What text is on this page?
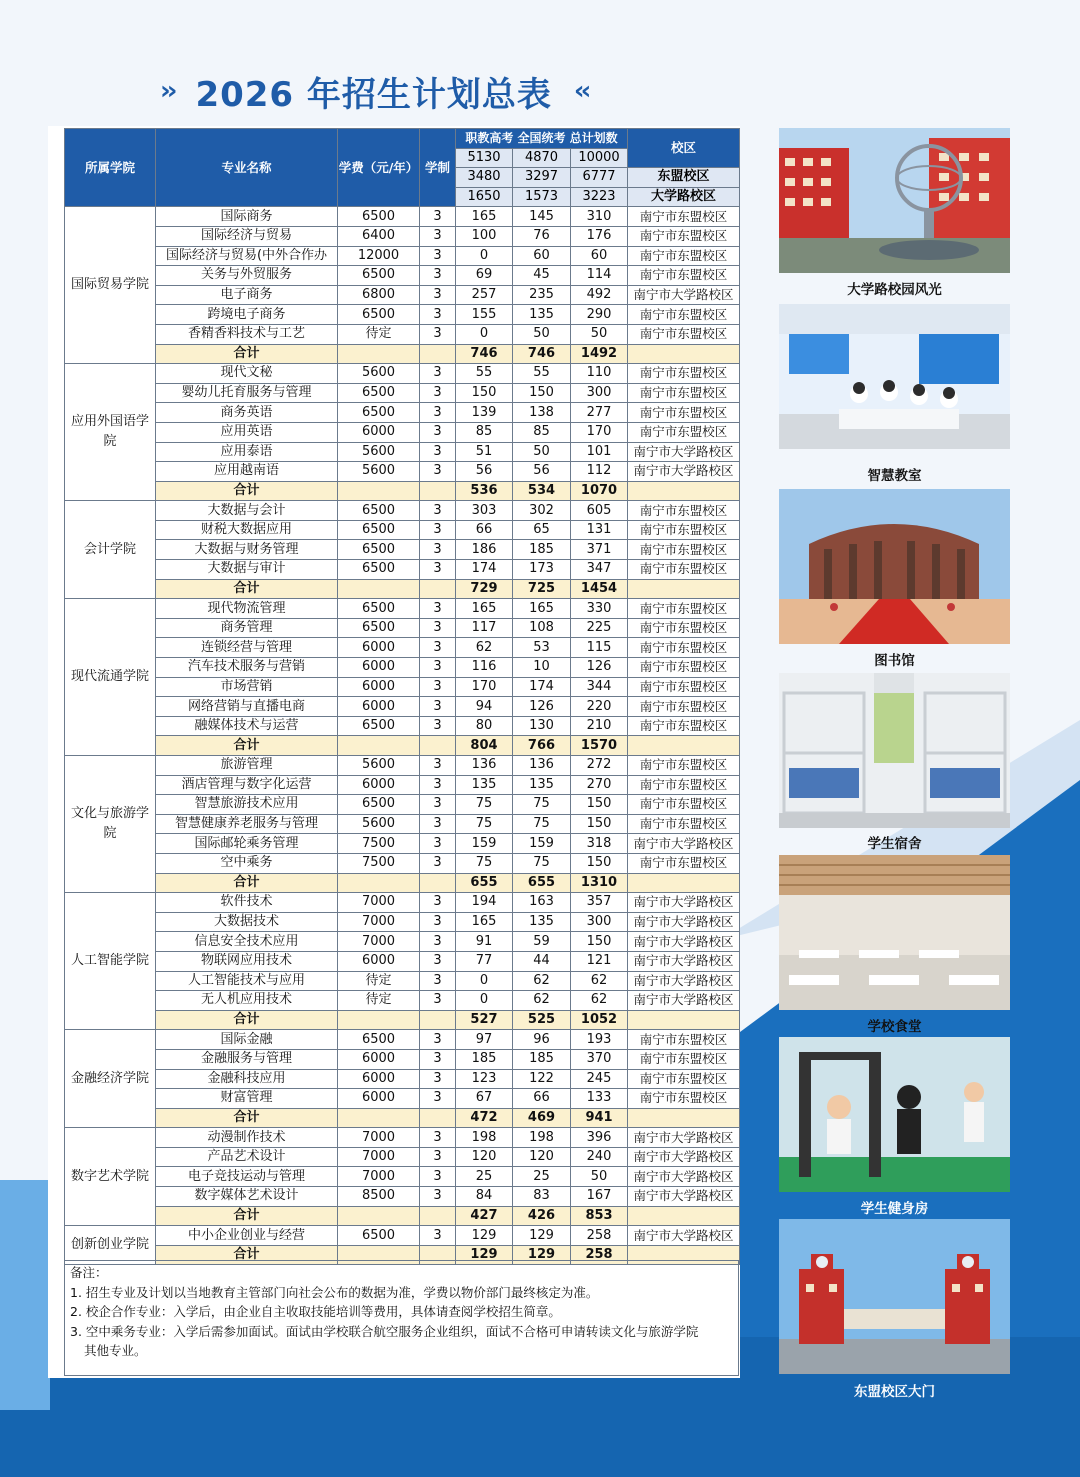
›› 2026 年招生计划总表 ‹‹
所属学院	专业名称	学费（元/年）	学制	职教高考 全国统考 总计划数			校区
				5130	4870	10000	
				3480	3297	6777	东盟校区
				1650	1573	3223	大学路校区
国际贸易学院	国际商务	6500	3	165	145	310	南宁市东盟校区
	国际经济与贸易	6400	3	100	76	176	南宁市东盟校区
	国际经济与贸易(中外合作办	12000	3	0	60	60	南宁市东盟校区
	关务与外贸服务	6500	3	69	45	114	南宁市东盟校区
	电子商务	6800	3	257	235	492	南宁市大学路校区
	跨境电子商务	6500	3	155	135	290	南宁市东盟校区
	香精香料技术与工艺	待定	3	0	50	50	南宁市东盟校区
	合计			746	746	1492	
应用外国语学院	现代文秘	5600	3	55	55	110	南宁市东盟校区
	婴幼儿托育服务与管理	6500	3	150	150	300	南宁市东盟校区
	商务英语	6500	3	139	138	277	南宁市东盟校区
	应用英语	6000	3	85	85	170	南宁市东盟校区
	应用泰语	5600	3	51	50	101	南宁市大学路校区
	应用越南语	5600	3	56	56	112	南宁市大学路校区
	合计			536	534	1070	
会计学院	大数据与会计	6500	3	303	302	605	南宁市东盟校区
	财税大数据应用	6500	3	66	65	131	南宁市东盟校区
	大数据与财务管理	6500	3	186	185	371	南宁市东盟校区
	大数据与审计	6500	3	174	173	347	南宁市东盟校区
	合计			729	725	1454	
现代流通学院	现代物流管理	6500	3	165	165	330	南宁市东盟校区
	商务管理	6500	3	117	108	225	南宁市东盟校区
	连锁经营与管理	6000	3	62	53	115	南宁市东盟校区
	汽车技术服务与营销	6000	3	116	10	126	南宁市东盟校区
	市场营销	6000	3	170	174	344	南宁市东盟校区
	网络营销与直播电商	6000	3	94	126	220	南宁市东盟校区
	融媒体技术与运营	6500	3	80	130	210	南宁市东盟校区
	合计			804	766	1570	
文化与旅游学院	旅游管理	5600	3	136	136	272	南宁市东盟校区
	酒店管理与数字化运营	6000	3	135	135	270	南宁市东盟校区
	智慧旅游技术应用	6500	3	75	75	150	南宁市东盟校区
	智慧健康养老服务与管理	5600	3	75	75	150	南宁市东盟校区
	国际邮轮乘务管理	7500	3	159	159	318	南宁市大学路校区
	空中乘务	7500	3	75	75	150	南宁市东盟校区
	合计			655	655	1310	
人工智能学院	软件技术	7000	3	194	163	357	南宁市大学路校区
	大数据技术	7000	3	165	135	300	南宁市大学路校区
	信息安全技术应用	7000	3	91	59	150	南宁市大学路校区
	物联网应用技术	6000	3	77	44	121	南宁市大学路校区
	人工智能技术与应用	待定	3	0	62	62	南宁市大学路校区
	无人机应用技术	待定	3	0	62	62	南宁市大学路校区
	合计			527	525	1052	
金融经济学院	国际金融	6500	3	97	96	193	南宁市东盟校区
	金融服务与管理	6000	3	185	185	370	南宁市东盟校区
	金融科技应用	6000	3	123	122	245	南宁市东盟校区
	财富管理	6000	3	67	66	133	南宁市东盟校区
	合计			472	469	941	
数字艺术学院	动漫制作技术	7000	3	198	198	396	南宁市大学路校区
	产品艺术设计	7000	3	120	120	240	南宁市大学路校区
	电子竞技运动与管理	7000	3	25	25	50	南宁市大学路校区
	数字媒体艺术设计	8500	3	84	83	167	南宁市大学路校区
	合计			427	426	853	
创新创业学院	中小企业创业与经营	6500	3	129	129	258	南宁市大学路校区
	合计			129	129	258	
备注：
1. 招生专业及计划以当地教育主管部门向社会公布的数据为准，学费以物价部门最终核定为准。
2. 校企合作专业：入学后，由企业自主收取技能培训等费用，具体请查阅学校招生简章。
3. 空中乘务专业：入学后需参加面试。面试由学校联合航空服务企业组织，面试不合格可申请转读文化与旅游学院
其他专业。
大学路校园风光
智慧教室
图书馆
学生宿舍
学校食堂
学生健身房
东盟校区大门
